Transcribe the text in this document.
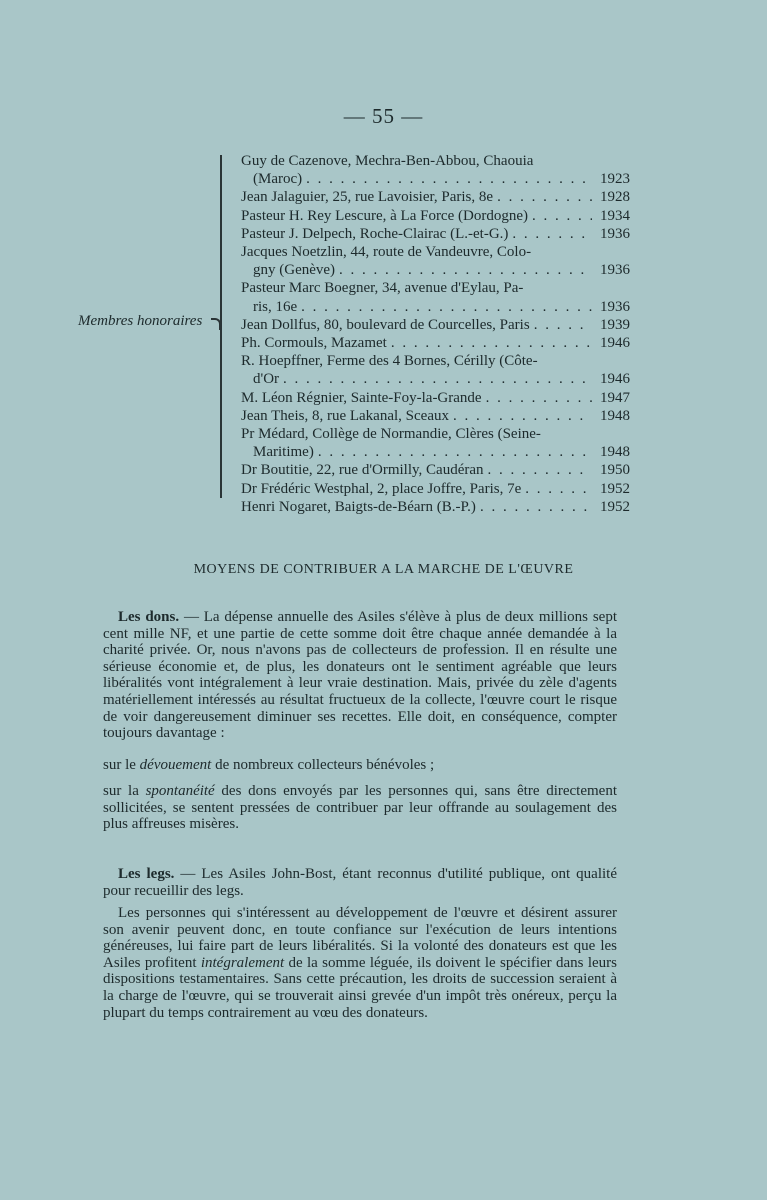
— 55 —
Membres honoraires
Guy de Cazenove, Mechra-Ben-Abbou, Chaouia
(Maroc) . . .	1923
Jean Jalaguier, 25, rue Lavoisier, Paris, 8e . . .	1928
Pasteur H. Rey Lescure, à La Force (Dordogne) . . .	1934
Pasteur J. Delpech, Roche-Clairac (L.-et-G.) . . .	1936
Jacques Noetzlin, 44, route de Vandeuvre, Colo-
gny (Genève) . . .	1936
Pasteur Marc Boegner, 34, avenue d'Eylau, Pa-
ris, 16e . . .	1936
Jean Dollfus, 80, boulevard de Courcelles, Paris . . .	1939
Ph. Cormouls, Mazamet . . .	1946
R. Hoepffner, Ferme des 4 Bornes, Cérilly (Côte-
d'Or . . .	1946
M. Léon Régnier, Sainte-Foy-la-Grande . . .	1947
Jean Theis, 8, rue Lakanal, Sceaux . . .	1948
Pr Médard, Collège de Normandie, Clères (Seine-
Maritime) . . .	1948
Dr Boutitie, 22, rue d'Ormilly, Caudéran . . .	1950
Dr Frédéric Westphal, 2, place Joffre, Paris, 7e . . .	1952
Henri Nogaret, Baigts-de-Béarn (B.-P.) . . .	1952
MOYENS DE CONTRIBUER A LA MARCHE DE L'ŒUVRE
Les dons. — La dépense annuelle des Asiles s'élève à plus de deux millions sept cent mille NF, et une partie de cette somme doit être chaque année demandée à la charité privée. Or, nous n'avons pas de collecteurs de profession. Il en résulte une sérieuse économie et, de plus, les donateurs ont le sentiment agréable que leurs libéralités vont intégralement à leur vraie destination. Mais, privée du zèle d'agents matériellement intéressés au résultat fructueux de la collecte, l'œuvre court le risque de voir dangereusement diminuer ses recettes. Elle doit, en conséquence, compter toujours davantage :
sur le dévouement de nombreux collecteurs bénévoles ;
sur la spontanéité des dons envoyés par les personnes qui, sans être directement sollicitées, se sentent pressées de contribuer par leur offrande au soulagement des plus affreuses misères.
Les legs. — Les Asiles John-Bost, étant reconnus d'utilité publique, ont qualité pour recueillir des legs.
Les personnes qui s'intéressent au développement de l'œuvre et désirent assurer son avenir peuvent donc, en toute confiance sur l'exécution de leurs intentions généreuses, lui faire part de leurs libéralités. Si la volonté des donateurs est que les Asiles profitent intégralement de la somme léguée, ils doivent le spécifier dans leurs dispositions testamentaires. Sans cette précaution, les droits de succession seraient à la charge de l'œuvre, qui se trouverait ainsi grevée d'un impôt très onéreux, perçu la plupart du temps contrairement au vœu des donateurs.
